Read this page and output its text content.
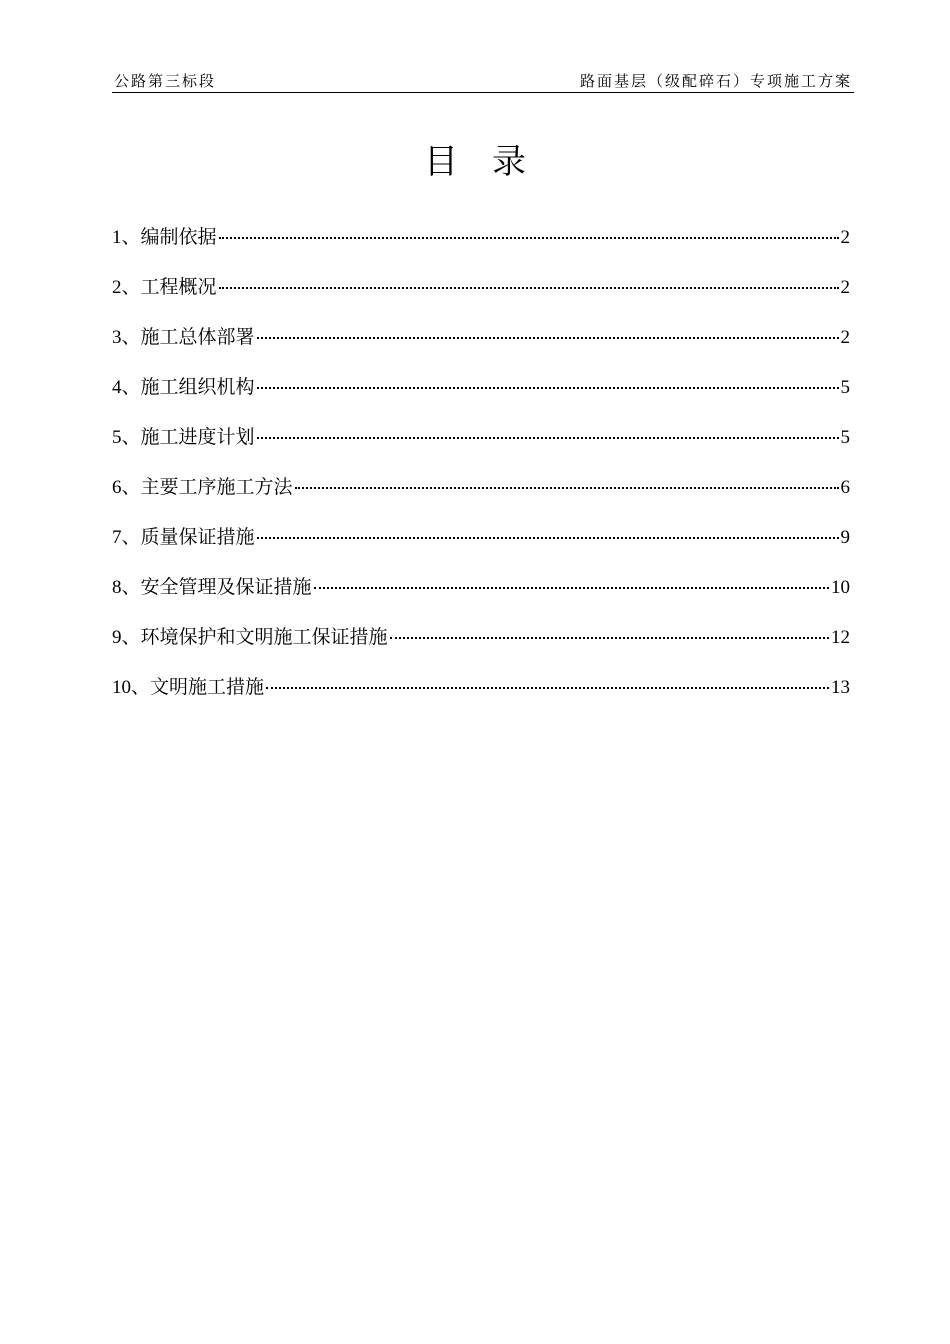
公路第三标段	路面基层（级配碎石）专项施工方案
目录
1、编制依据	2
2、工程概况	2
3、施工总体部署	2
4、施工组织机构	5
5、施工进度计划	5
6、主要工序施工方法	6
7、质量保证措施	9
8、安全管理及保证措施	10
9、环境保护和文明施工保证措施	12
10、文明施工措施	13
